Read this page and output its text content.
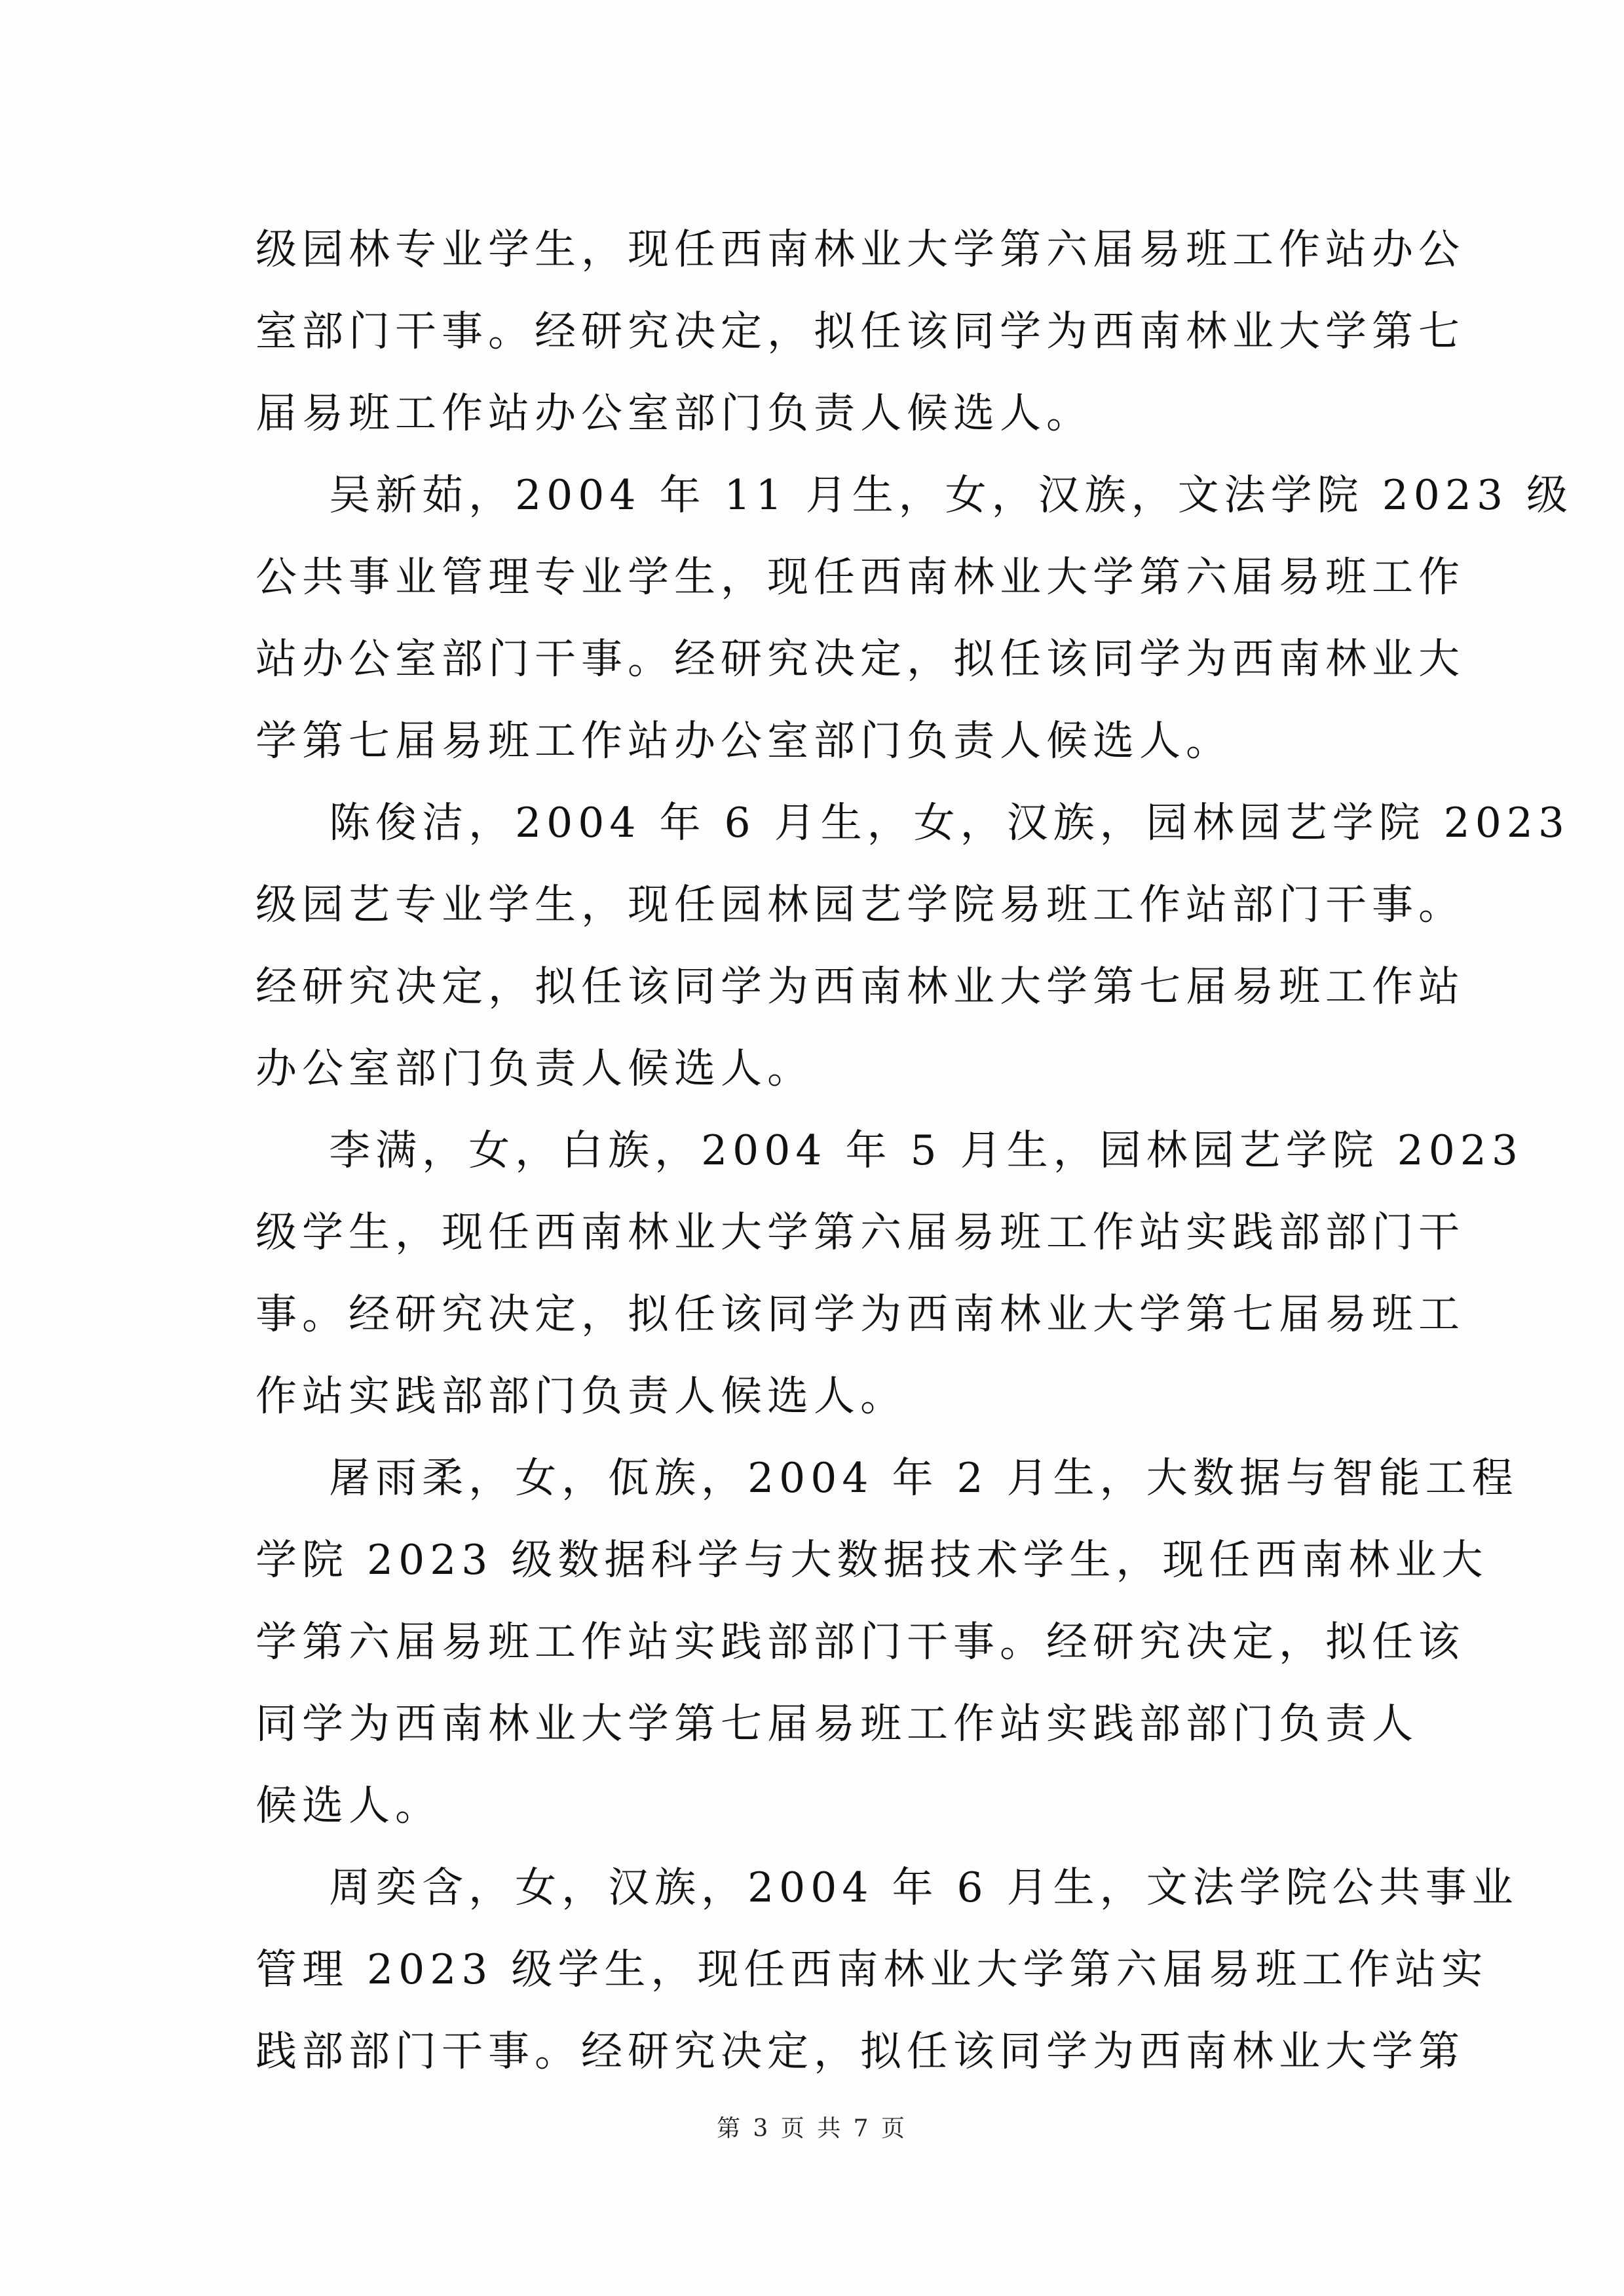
级园林专业学生，现任西南林业大学第六届易班工作站办公
室部门干事。经研究决定，拟任该同学为西南林业大学第七
届易班工作站办公室部门负责人候选人。
吴新茹，2004 年 11 月生，女，汉族，文法学院 2023 级
公共事业管理专业学生，现任西南林业大学第六届易班工作
站办公室部门干事。经研究决定，拟任该同学为西南林业大
学第七届易班工作站办公室部门负责人候选人。
陈俊洁，2004 年 6 月生，女，汉族，园林园艺学院 2023
级园艺专业学生，现任园林园艺学院易班工作站部门干事。
经研究决定，拟任该同学为西南林业大学第七届易班工作站
办公室部门负责人候选人。
李满，女，白族，2004 年 5 月生，园林园艺学院 2023
级学生，现任西南林业大学第六届易班工作站实践部部门干
事。经研究决定，拟任该同学为西南林业大学第七届易班工
作站实践部部门负责人候选人。
屠雨柔，女，佤族，2004 年 2 月生，大数据与智能工程
学院 2023 级数据科学与大数据技术学生，现任西南林业大
学第六届易班工作站实践部部门干事。经研究决定，拟任该
同学为西南林业大学第七届易班工作站实践部部门负责人
候选人。
周奕含，女，汉族，2004 年 6 月生，文法学院公共事业
管理 2023 级学生，现任西南林业大学第六届易班工作站实
践部部门干事。经研究决定，拟任该同学为西南林业大学第
第 3 页 共 7 页
